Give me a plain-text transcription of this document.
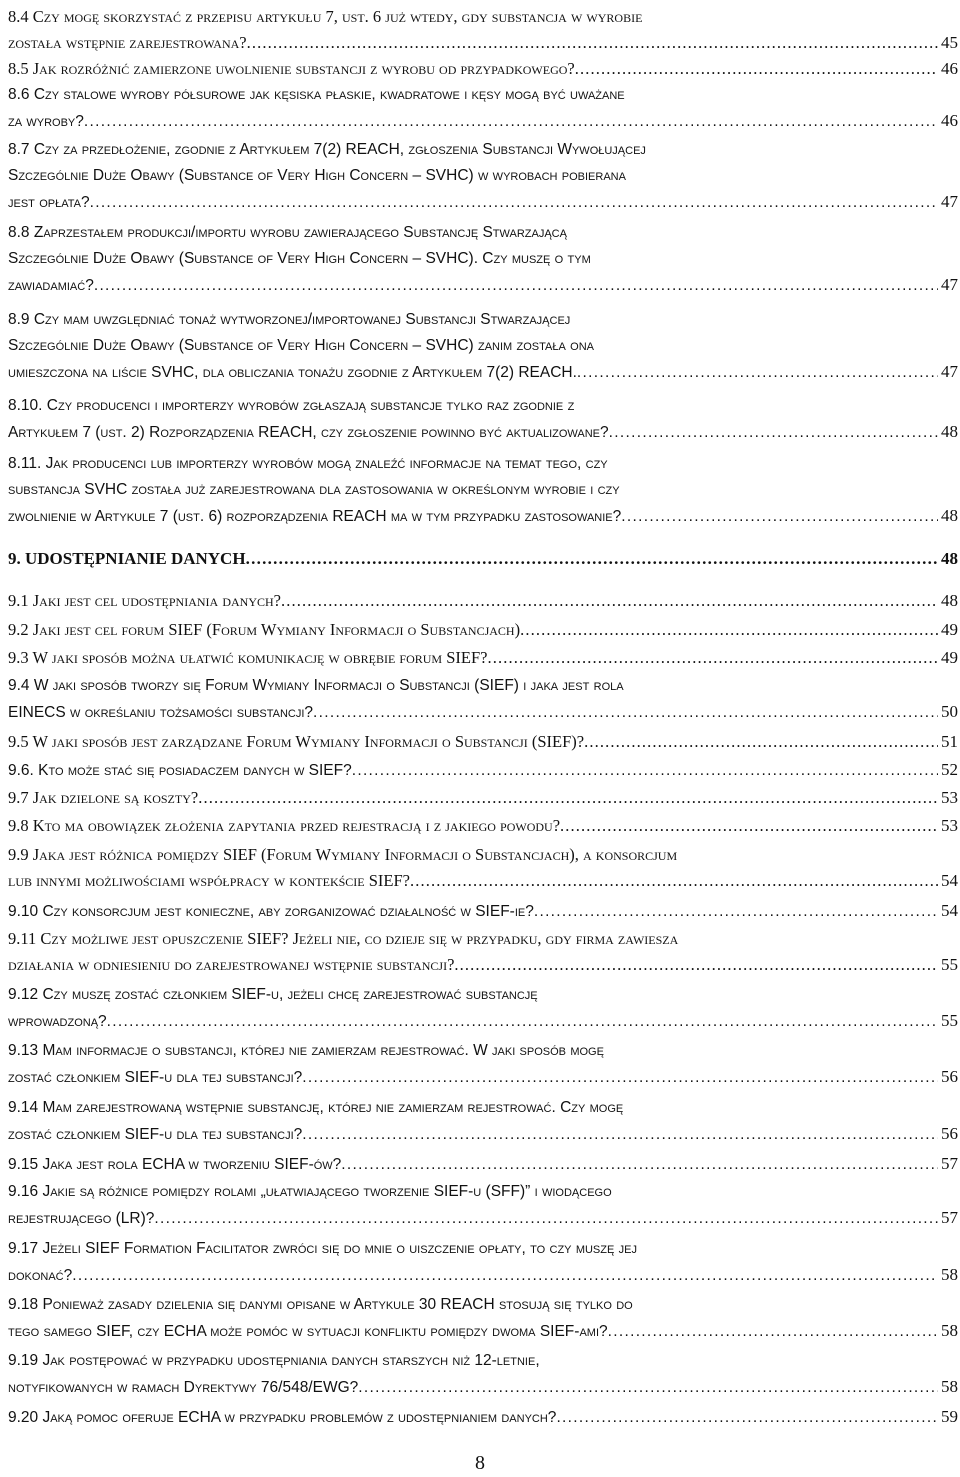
8.4 Czy mogę skorzystać z przepisu artykułu 7, ust. 6 już wtedy, gdy substancja w wyrobie
została wstępnie zarejestrowana? . . .	45
8.5 Jak rozróżnić zamierzone uwolnienie substancji z wyrobu od przypadkowego? . . .	46
8.6 Czy stalowe wyroby półsurowe jak kęsiska płaskie, kwadratowe i kęsy mogą być uważane
za wyroby? . . .	46
8.7 Czy za przedłożenie, zgodnie z Artykułem 7(2) REACH, zgłoszenia Substancji Wywołującej
Szczególnie Duże Obawy (Substance of Very High Concern – SVHC) w wyrobach pobierana
jest opłata? . . .	47
8.8 Zaprzestałem produkcji/importu wyrobu zawierającego Substancję Stwarzającą
Szczególnie Duże Obawy (Substance of Very High Concern – SVHC). Czy muszę o tym
zawiadamiać? . . .	47
8.9 Czy mam uwzględniać tonaż wytworzonej/importowanej Substancji Stwarzającej
Szczególnie Duże Obawy (Substance of Very High Concern – SVHC) zanim została ona
umieszczona na liście SVHC, dla obliczania tonażu zgodnie z Artykułem 7(2) REACH. . . .	47
8.10. Czy producenci i importerzy wyrobów zgłaszają substancje tylko raz zgodnie z
Artykułem 7 (ust. 2) Rozporządzenia REACH, czy zgłoszenie powinno być aktualizowane? . . .	48
8.11. Jak producenci lub importerzy wyrobów mogą znaleźć informacje na temat tego, czy
substancja SVHC została już zarejestrowana dla zastosowania w określonym wyrobie i czy
zwolnienie w Artykule 7 (ust. 6) rozporządzenia REACH ma w tym przypadku zastosowanie? . . .	48
9. UDOSTĘPNIANIE DANYCH . . .	48
9.1 Jaki jest cel udostępniania danych? . . .	48
9.2 Jaki jest cel forum SIEF (Forum Wymiany Informacji o Substancjach) . . .	49
9.3 W jaki sposób można ułatwić komunikację w obrębie forum SIEF? . . .	49
9.4 W jaki sposób tworzy się Forum Wymiany Informacji o Substancji (SIEF) i jaka jest rola
EINECS w określaniu tożsamości substancji? . . .	50
9.5 W jaki sposób jest zarządzane Forum Wymiany Informacji o Substancji (SIEF)? . . .	51
9.6. Kto może stać się posiadaczem danych w SIEF? . . .	52
9.7 Jak dzielone są koszty? . . .	53
9.8 Kto ma obowiązek złożenia zapytania przed rejestracją i z jakiego powodu? . . .	53
9.9 Jaka jest różnica pomiędzy SIEF (Forum Wymiany Informacji o Substancjach), a konsorcjum
lub innymi możliwościami współpracy w kontekście SIEF? . . .	54
9.10 Czy konsorcjum jest konieczne, aby zorganizować działalność w SIEF-ie? . . .	54
9.11 Czy możliwe jest opuszczenie SIEF? Jeżeli nie, co dzieje się w przypadku, gdy firma zawiesza
działania w odniesieniu do zarejestrowanej wstępnie substancji? . . .	55
9.12 Czy muszę zostać członkiem SIEF-u, jeżeli chcę zarejestrować substancję
wprowadzoną? . . .	55
9.13 Mam informacje o substancji, której nie zamierzam rejestrować. W jaki sposób mogę
zostać członkiem SIEF-u dla tej substancji? . . .	56
9.14 Mam zarejestrowaną wstępnie substancję, której nie zamierzam rejestrować. Czy mogę
zostać członkiem SIEF-u dla tej substancji? . . .	56
9.15 Jaka jest rola ECHA w tworzeniu SIEF-ów? . . .	57
9.16 Jakie są różnice pomiędzy rolami „ułatwiającego tworzenie SIEF-u (SFF)” i wiodącego
rejestrującego (LR)? . . .	57
9.17 Jeżeli SIEF Formation Facilitator zwróci się do mnie o uiszczenie opłaty, to czy muszę jej
dokonać? . . .	58
9.18 Ponieważ zasady dzielenia się danymi opisane w Artykule 30 REACH stosują się tylko do
tego samego SIEF, czy ECHA może pomóc w sytuacji konfliktu pomiędzy dwoma SIEF-ami? . . .	58
9.19 Jak postępować w przypadku udostępniania danych starszych niż 12-letnie,
notyfikowanych w ramach Dyrektywy 76/548/EWG? . . .	58
9.20 Jaką pomoc oferuje ECHA w przypadku problemów z udostępnianiem danych? . . .	59
8
